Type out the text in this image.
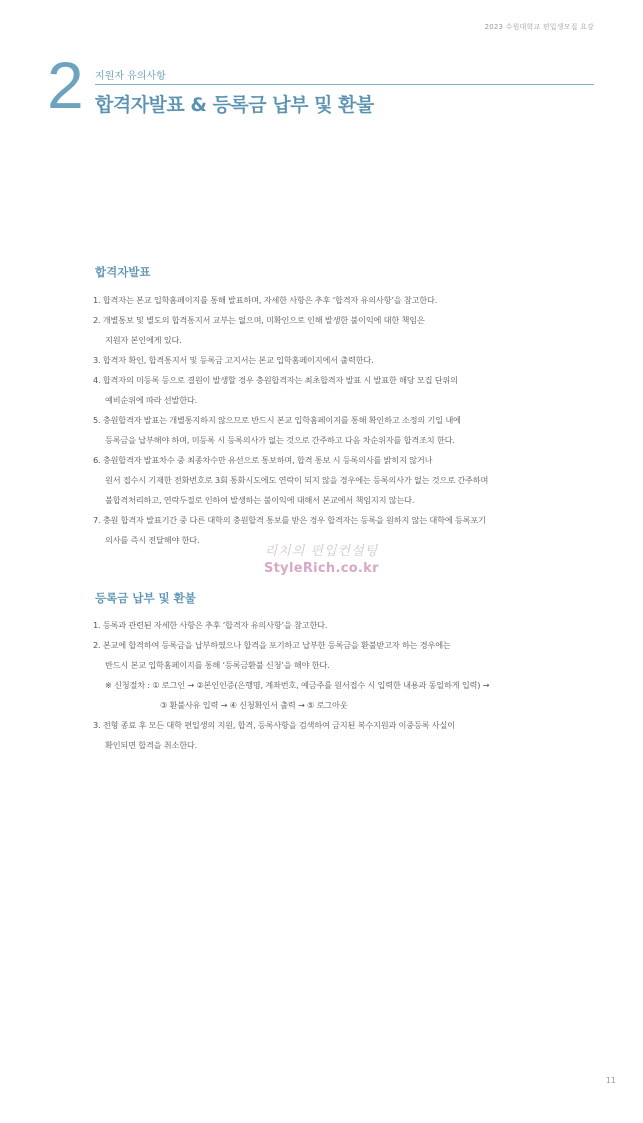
2023 수원대학교 편입생모집 요강
2 지원자 유의사항
합격자발표 & 등록금 납부 및 환불
합격자발표
1. 합격자는 본교 입학홈페이지를 통해 발표하며, 자세한 사항은 추후 ‘합격자 유의사항’을 참고한다.
2. 개별통보 및 별도의 합격통지서 교부는 없으며, 미확인으로 인해 발생한 불이익에 대한 책임은
지원자 본인에게 있다.
3. 합격자 확인, 합격통지서 및 등록금 고지서는 본교 입학홈페이지에서 출력한다.
4. 합격자의 미등록 등으로 결원이 발생할 경우 충원합격자는 최초합격자 발표 시 발표한 해당 모집 단위의
예비순위에 따라 선발한다.
5. 충원합격자 발표는 개별통지하지 않으므로 반드시 본교 입학홈페이지를 통해 확인하고 소정의 기일 내에
등록금을 납부해야 하며, 미등록 시 등록의사가 없는 것으로 간주하고 다음 차순위자를 합격조치 한다.
6. 충원합격자 발표차수 중 최종차수만 유선으로 통보하며, 합격 통보 시 등록의사를 밝히지 않거나
원서 접수시 기재한 전화번호로 3회 통화시도에도 연락이 되지 않을 경우에는 등록의사가 없는 것으로 간주하며
불합격처리하고, 연락두절로 인하여 발생하는 불이익에 대해서 본교에서 책임지지 않는다.
7. 충원 합격자 발표기간 중 다른 대학의 충원합격 통보를 받은 경우 합격자는 등록을 원하지 않는 대학에 등록포기
의사를 즉시 전달해야 한다.
리치의 편입컨설팅
StyleRich.co.kr
등록금 납부 및 환불
1. 등록과 관련된 자세한 사항은 추후 ‘합격자 유의사항’을 참고한다.
2. 본교에 합격하여 등록금을 납부하였으나 합격을 포기하고 납부한 등록금을 환불받고자 하는 경우에는
반드시 본교 입학홈페이지를 통해 ‘등록금환불 신청’을 해야 한다.
※ 신청절차 : ① 로그인 → ②본인인증(은행명, 계좌번호, 예금주를 원서접수 시 입력한 내용과 동일하게 입력) →
③ 환불사유 입력 → ④ 신청확인서 출력 → ⑤ 로그아웃
3. 전형 종료 후 모든 대학 편입생의 지원, 합격, 등록사항을 검색하여 금지된 복수지원과 이중등록 사실이
확인되면 합격을 취소한다.
11
